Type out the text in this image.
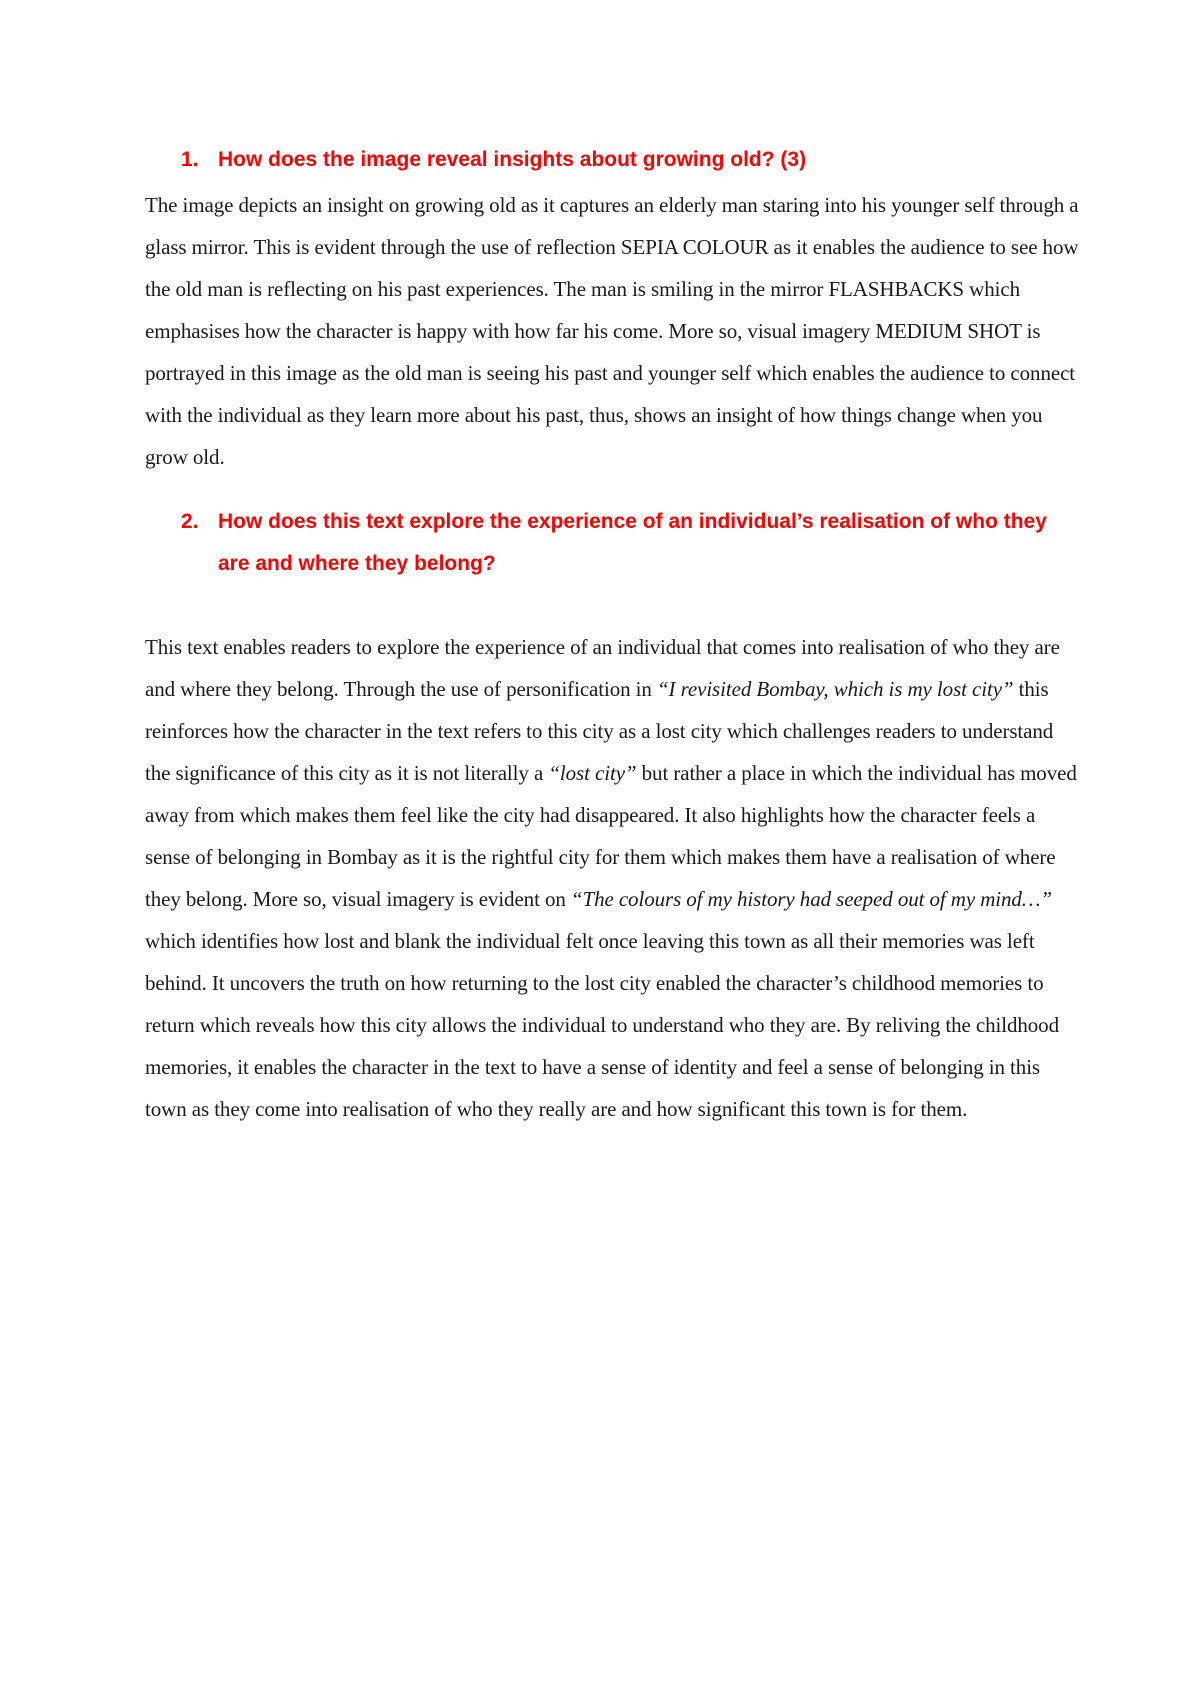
1. How does the image reveal insights about growing old? (3)

The image depicts an insight on growing old as it captures an elderly man staring into his younger self through a glass mirror. This is evident through the use of reflection SEPIA COLOUR as it enables the audience to see how the old man is reflecting on his past experiences. The man is smiling in the mirror FLASHBACKS which emphasises how the character is happy with how far his come. More so, visual imagery MEDIUM SHOT is portrayed in this image as the old man is seeing his past and younger self which enables the audience to connect with the individual as they learn more about his past, thus, shows an insight of how things change when you grow old.

2. How does this text explore the experience of an individual’s realisation of who they are and where they belong?

This text enables readers to explore the experience of an individual that comes into realisation of who they are and where they belong. Through the use of personification in “I revisited Bombay, which is my lost city” this reinforces how the character in the text refers to this city as a lost city which challenges readers to understand the significance of this city as it is not literally a “lost city” but rather a place in which the individual has moved away from which makes them feel like the city had disappeared. It also highlights how the character feels a sense of belonging in Bombay as it is the rightful city for them which makes them have a realisation of where they belong. More so, visual imagery is evident on “The colours of my history had seeped out of my mind…” which identifies how lost and blank the individual felt once leaving this town as all their memories was left behind. It uncovers the truth on how returning to the lost city enabled the character’s childhood memories to return which reveals how this city allows the individual to understand who they are. By reliving the childhood memories, it enables the character in the text to have a sense of identity and feel a sense of belonging in this town as they come into realisation of who they really are and how significant this town is for them.
